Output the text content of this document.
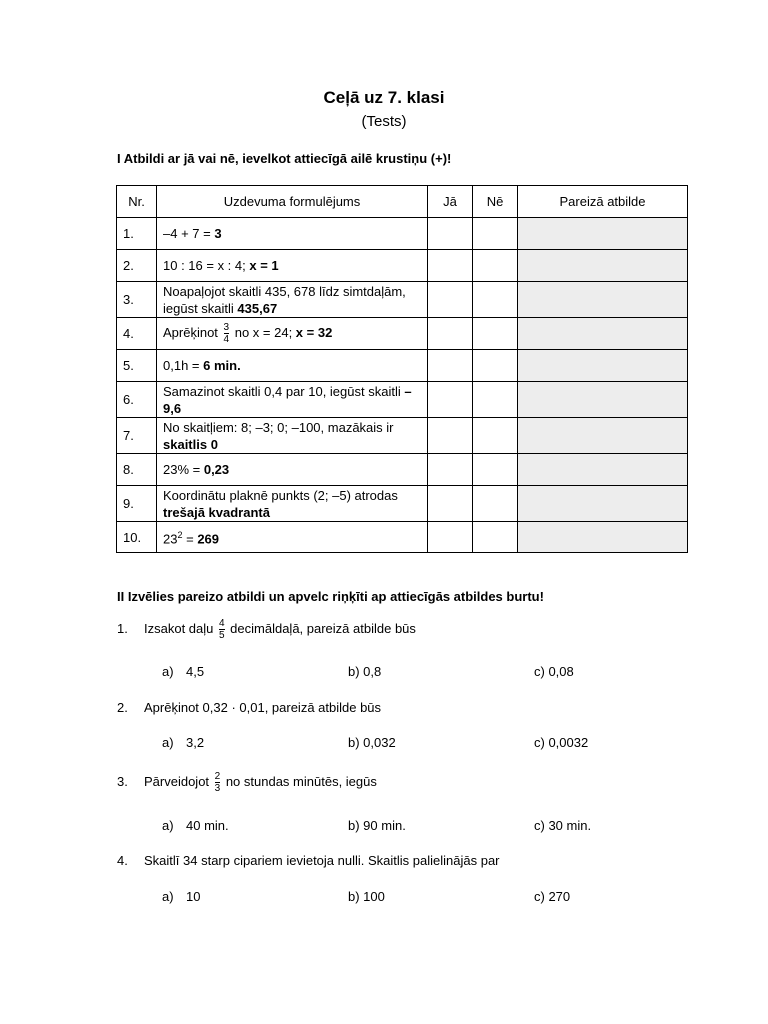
Ceļā uz 7. klasi
(Tests)
I Atbildi ar jā vai nē, ievelkot attiecīgā ailē krustiņu (+)!
Nr.	Uzdevuma formulējums	Jā	Nē	Pareizā atbilde
1.	–4 + 7 = 3			
2.	10 : 16 = x : 4; x = 1			
3.	Noapaļojot skaitli 435, 678 līdz simtdaļām, iegūst skaitli 435,67			
4.	Aprēķinot $\frac{3}{4}$ no x = 24; x = 32			
5.	0,1h = 6 min.			
6.	Samazinot skaitli 0,4 par 10, iegūst skaitli –9,6			
7.	No skaitļiem: 8; –3; 0; –100, mazākais ir skaitlis 0			
8.	23% = 0,23			
9.	Koordinātu plaknē punkts (2; –5) atrodas trešajā kvadrantā			
10.	$23^2 = 269$			
II Izvēlies pareizo atbildi un apvelc riņķīti ap attiecīgās atbildes burtu!
1. Izsakot daļu $\frac{4}{5}$ decimāldaļā, pareizā atbilde būs
a) 4,5	b) 0,8	c) 0,08
2. Aprēķinot 0,32 · 0,01, pareizā atbilde būs
a) 3,2	b) 0,032	c) 0,0032
3. Pārveidojot $\frac{2}{3}$ no stundas minūtēs, iegūs
a) 40 min.	b) 90 min.	c) 30 min.
4. Skaitlī 34 starp cipariem ievietoja nulli. Skaitlis palielinājās par
a) 10	b) 100	c) 270
